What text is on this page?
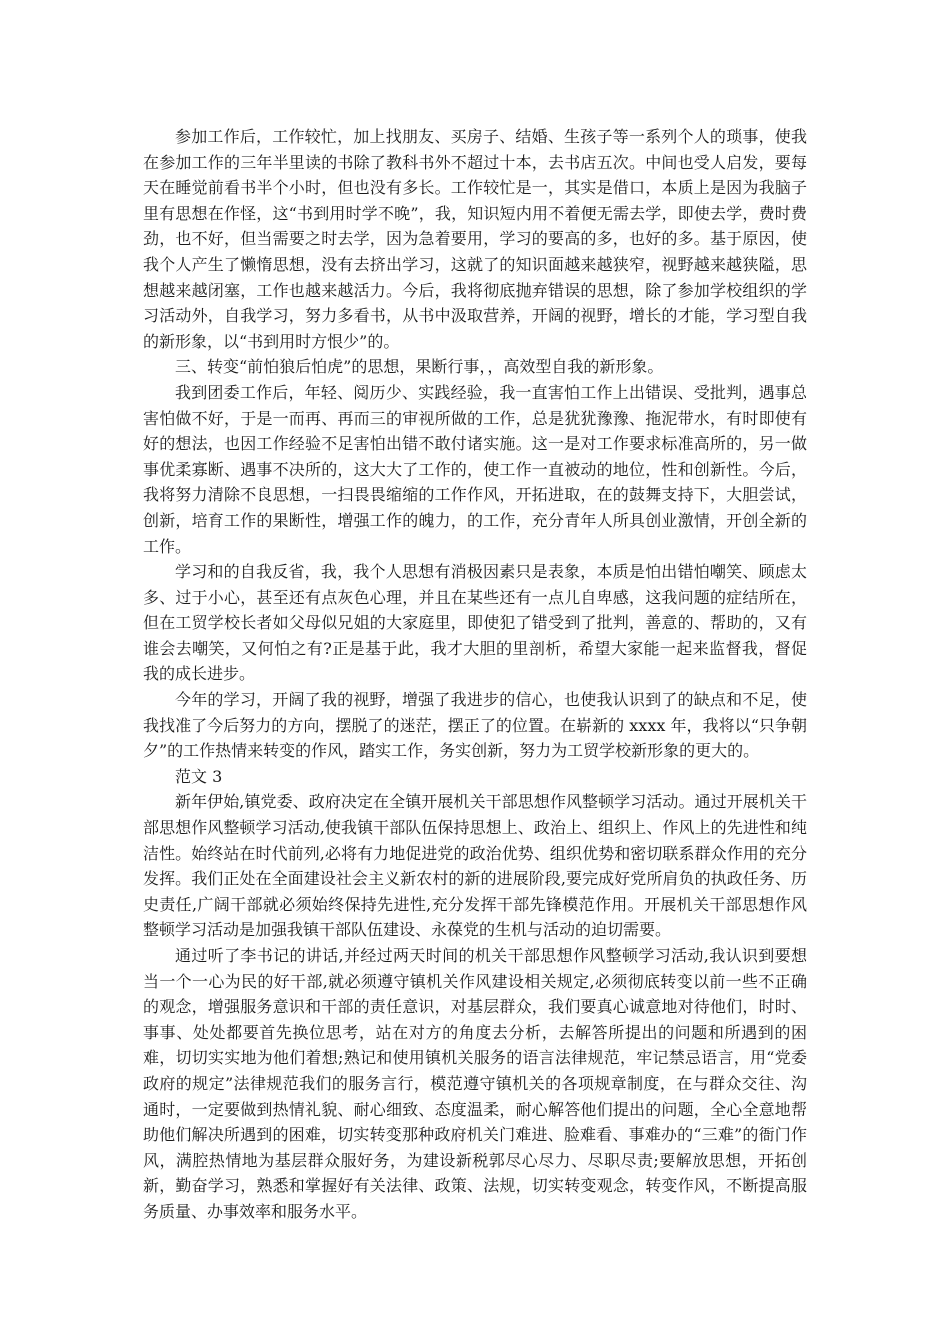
参加工作后，工作较忙，加上找朋友、买房子、结婚、生孩子等一系列个人的琐事，使我在参加工作的三年半里读的书除了教科书外不超过十本，去书店五次。中间也受人启发，要每天在睡觉前看书半个小时，但也没有多长。工作较忙是一，其实是借口，本质上是因为我脑子里有思想在作怪，这“书到用时学不晚”，我，知识短内用不着便无需去学，即使去学，费时费劲，也不好，但当需要之时去学，因为急着要用，学习的要高的多，也好的多。基于原因，使我个人产生了懒惰思想，没有去挤出学习，这就了的知识面越来越狭窄，视野越来越狭隘，思想越来越闭塞，工作也越来越活力。今后，我将彻底抛弃错误的思想，除了参加学校组织的学习活动外，自我学习，努力多看书，从书中汲取营养，开阔的视野，增长的才能，学习型自我的新形象，以“书到用时方恨少”的。

三、转变“前怕狼后怕虎”的思想，果断行事，，高效型自我的新形象。

我到团委工作后，年轻、阅历少、实践经验，我一直害怕工作上出错误、受批判，遇事总害怕做不好，于是一而再、再而三的审视所做的工作，总是犹犹豫豫、拖泥带水，有时即使有好的想法，也因工作经验不足害怕出错不敢付诸实施。这一是对工作要求标准高所的，另一做事优柔寡断、遇事不决所的，这大大了工作的，使工作一直被动的地位，性和创新性。今后，我将努力清除不良思想，一扫畏畏缩缩的工作作风，开拓进取，在的鼓舞支持下，大胆尝试，创新，培育工作的果断性，增强工作的魄力，的工作，充分青年人所具创业激情，开创全新的工作。

学习和的自我反省，我，我个人思想有消极因素只是表象，本质是怕出错怕嘲笑、顾虑太多、过于小心，甚至还有点灰色心理，并且在某些还有一点儿自卑感，这我问题的症结所在，但在工贸学校长者如父母似兄姐的大家庭里，即使犯了错受到了批判，善意的、帮助的，又有谁会去嘲笑，又何怕之有?正是基于此，我才大胆的里剖析，希望大家能一起来监督我，督促我的成长进步。

今年的学习，开阔了我的视野，增强了我进步的信心，也使我认识到了的缺点和不足，使我找准了今后努力的方向，摆脱了的迷茫，摆正了的位置。在崭新的 xxxx 年，我将以“只争朝夕”的工作热情来转变的作风，踏实工作，务实创新，努力为工贸学校新形象的更大的。

范文 3

新年伊始,镇党委、政府决定在全镇开展机关干部思想作风整顿学习活动。通过开展机关干部思想作风整顿学习活动,使我镇干部队伍保持思想上、政治上、组织上、作风上的先进性和纯洁性。始终站在时代前列,必将有力地促进党的政治优势、组织优势和密切联系群众作用的充分发挥。我们正处在全面建设社会主义新农村的新的进展阶段,要完成好党所肩负的执政任务、历史责任,广阔干部就必须始终保持先进性,充分发挥干部先锋模范作用。开展机关干部思想作风整顿学习活动是加强我镇干部队伍建设、永葆党的生机与活动的迫切需要。

通过听了李书记的讲话,并经过两天时间的机关干部思想作风整顿学习活动,我认识到要想当一个一心为民的好干部,就必须遵守镇机关作风建设相关规定,必须彻底转变以前一些不正确的观念，增强服务意识和干部的责任意识，对基层群众，我们要真心诚意地对待他们，时时、事事、处处都要首先换位思考，站在对方的角度去分析，去解答所提出的问题和所遇到的困难，切切实实地为他们着想;熟记和使用镇机关服务的语言法律规范，牢记禁忌语言，用“党委政府的规定”法律规范我们的服务言行，模范遵守镇机关的各项规章制度，在与群众交往、沟通时，一定要做到热情礼貌、耐心细致、态度温柔，耐心解答他们提出的问题，全心全意地帮助他们解决所遇到的困难，切实转变那种政府机关门难进、脸难看、事难办的“三难”的衙门作风，满腔热情地为基层群众服好务，为建设新税郭尽心尽力、尽职尽责;要解放思想，开拓创新，勤奋学习，熟悉和掌握好有关法律、政策、法规，切实转变观念，转变作风，不断提高服务质量、办事效率和服务水平。
